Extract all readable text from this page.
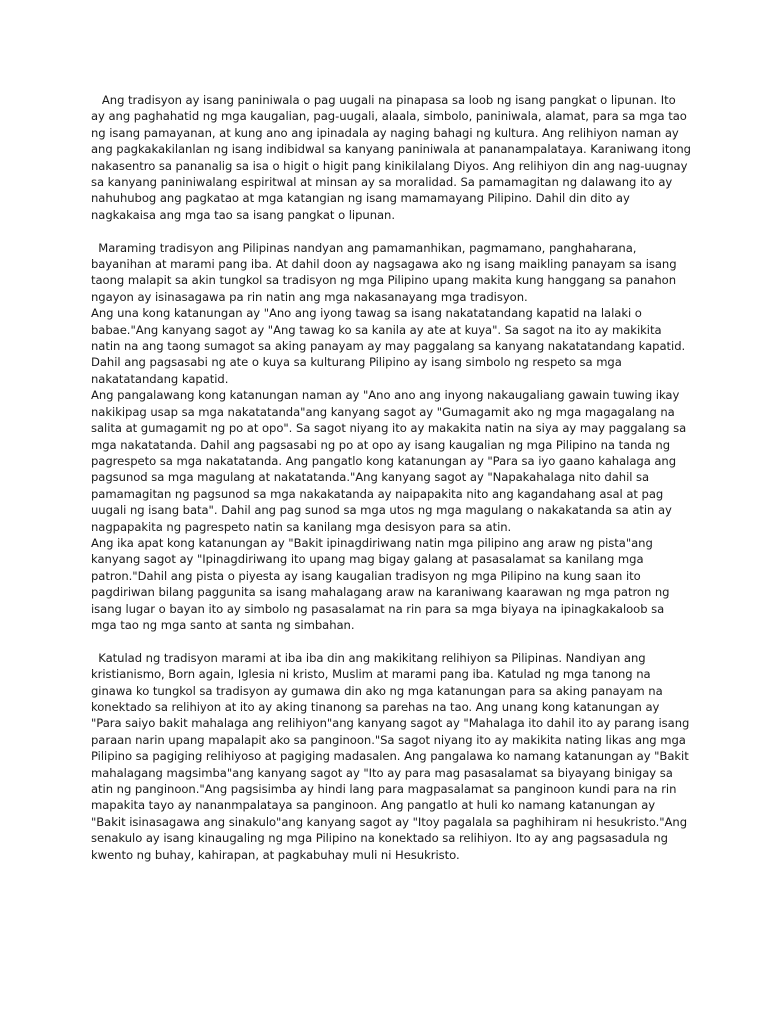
Ang tradisyon ay isang paniniwala o pag uugali na pinapasa sa loob ng isang pangkat o lipunan. Ito ay ang paghahatid ng mga kaugalian, pag-uugali, alaala, simbolo, paniniwala, alamat, para sa mga tao ng isang pamayanan, at kung ano ang ipinadala ay naging bahagi ng kultura. Ang relihiyon naman ay ang pagkakakilanlan ng isang indibidwal sa kanyang paniniwala at pananampalataya. Karaniwang itong nakasentro sa pananalig sa isa o higit o higit pang kinikilalang Diyos. Ang relihiyon din ang nag-uugnay sa kanyang paniniwalang espiritwal at minsan ay sa moralidad. Sa pamamagitan ng dalawang ito ay nahuhubog ang pagkatao at mga katangian ng isang mamamayang Pilipino. Dahil din dito ay nagkakaisa ang mga tao sa isang pangkat o lipunan.

Maraming tradisyon ang Pilipinas nandyan ang pamamanhikan, pagmamano, panghaharana, bayanihan at marami pang iba. At dahil doon ay nagsagawa ako ng isang maikling panayam sa isang taong malapit sa akin tungkol sa tradisyon ng mga Pilipino upang makita kung hanggang sa panahon ngayon ay isinasagawa pa rin natin ang mga nakasanayang mga tradisyon.

Ang una kong katanungan ay "Ano ang iyong tawag sa isang nakatatandang kapatid na lalaki o babae."Ang kanyang sagot ay "Ang tawag ko sa kanila ay ate at kuya". Sa sagot na ito ay makikita natin na ang taong sumagot sa aking panayam ay may paggalang sa kanyang nakatatandang kapatid. Dahil ang pagsasabi ng ate o kuya sa kulturang Pilipino ay isang simbolo ng respeto sa mga nakatatandang kapatid.

Ang pangalawang kong katanungan naman ay "Ano ano ang inyong nakaugaliang gawain tuwing ikay nakikipag usap sa mga nakatatanda"ang kanyang sagot ay "Gumagamit ako ng mga magagalang na salita at gumagamit ng po at opo". Sa sagot niyang ito ay makakita natin na siya ay may paggalang sa mga nakatatanda. Dahil ang pagsasabi ng po at opo ay isang kaugalian ng mga Pilipino na tanda ng pagrespeto sa mga nakatatanda. Ang pangatlo kong katanungan ay "Para sa iyo gaano kahalaga ang pagsunod sa mga magulang at nakatatanda."Ang kanyang sagot ay "Napakahalaga nito dahil sa pamamagitan ng pagsunod sa mga nakakatanda ay naipapakita nito ang kagandahang asal at pag uugali ng isang bata". Dahil ang pag sunod sa mga utos ng mga magulang o nakakatanda sa atin ay nagpapakita ng pagrespeto natin sa kanilang mga desisyon para sa atin.

Ang ika apat kong katanungan ay "Bakit ipinagdiriwang natin mga pilipino ang araw ng pista"ang kanyang sagot ay "Ipinagdiriwang ito upang mag bigay galang at pasasalamat sa kanilang mga patron."Dahil ang pista o piyesta ay isang kaugalian tradisyon ng mga Pilipino na kung saan ito pagdiriwan bilang paggunita sa isang mahalagang araw na karaniwang kaarawan ng mga patron ng isang lugar o bayan ito ay simbolo ng pasasalamat na rin para sa mga biyaya na ipinagkakaloob sa mga tao ng mga santo at santa ng simbahan.

Katulad ng tradisyon marami at iba iba din ang makikitang relihiyon sa Pilipinas. Nandiyan ang kristianismo, Born again, Iglesia ni kristo, Muslim at marami pang iba. Katulad ng mga tanong na ginawa ko tungkol sa tradisyon ay gumawa din ako ng mga katanungan para sa aking panayam na konektado sa relihiyon at ito ay aking tinanong sa parehas na tao. Ang unang kong katanungan ay "Para saiyo bakit mahalaga ang relihiyon"ang kanyang sagot ay "Mahalaga ito dahil ito ay parang isang paraan narin upang mapalapit ako sa panginoon."Sa sagot niyang ito ay makikita nating likas ang mga Pilipino sa pagiging relihiyoso at pagiging madasalen. Ang pangalawa ko namang katanungan ay "Bakit mahalagang magsimba"ang kanyang sagot ay "Ito ay para mag pasasalamat sa biyayang binigay sa atin ng panginoon."Ang pagsisimba ay hindi lang para magpasalamat sa panginoon kundi para na rin mapakita tayo ay nananmpalataya sa panginoon. Ang pangatlo at huli ko namang katanungan ay "Bakit isinasagawa ang sinakulo"ang kanyang sagot ay "Itoy pagalala sa paghihiram ni hesukristo."Ang senakulo ay isang kinaugaling ng mga Pilipino na konektado sa relihiyon. Ito ay ang pagsasadula ng kwento ng buhay, kahirapan, at pagkabuhay muli ni Hesukristo.
